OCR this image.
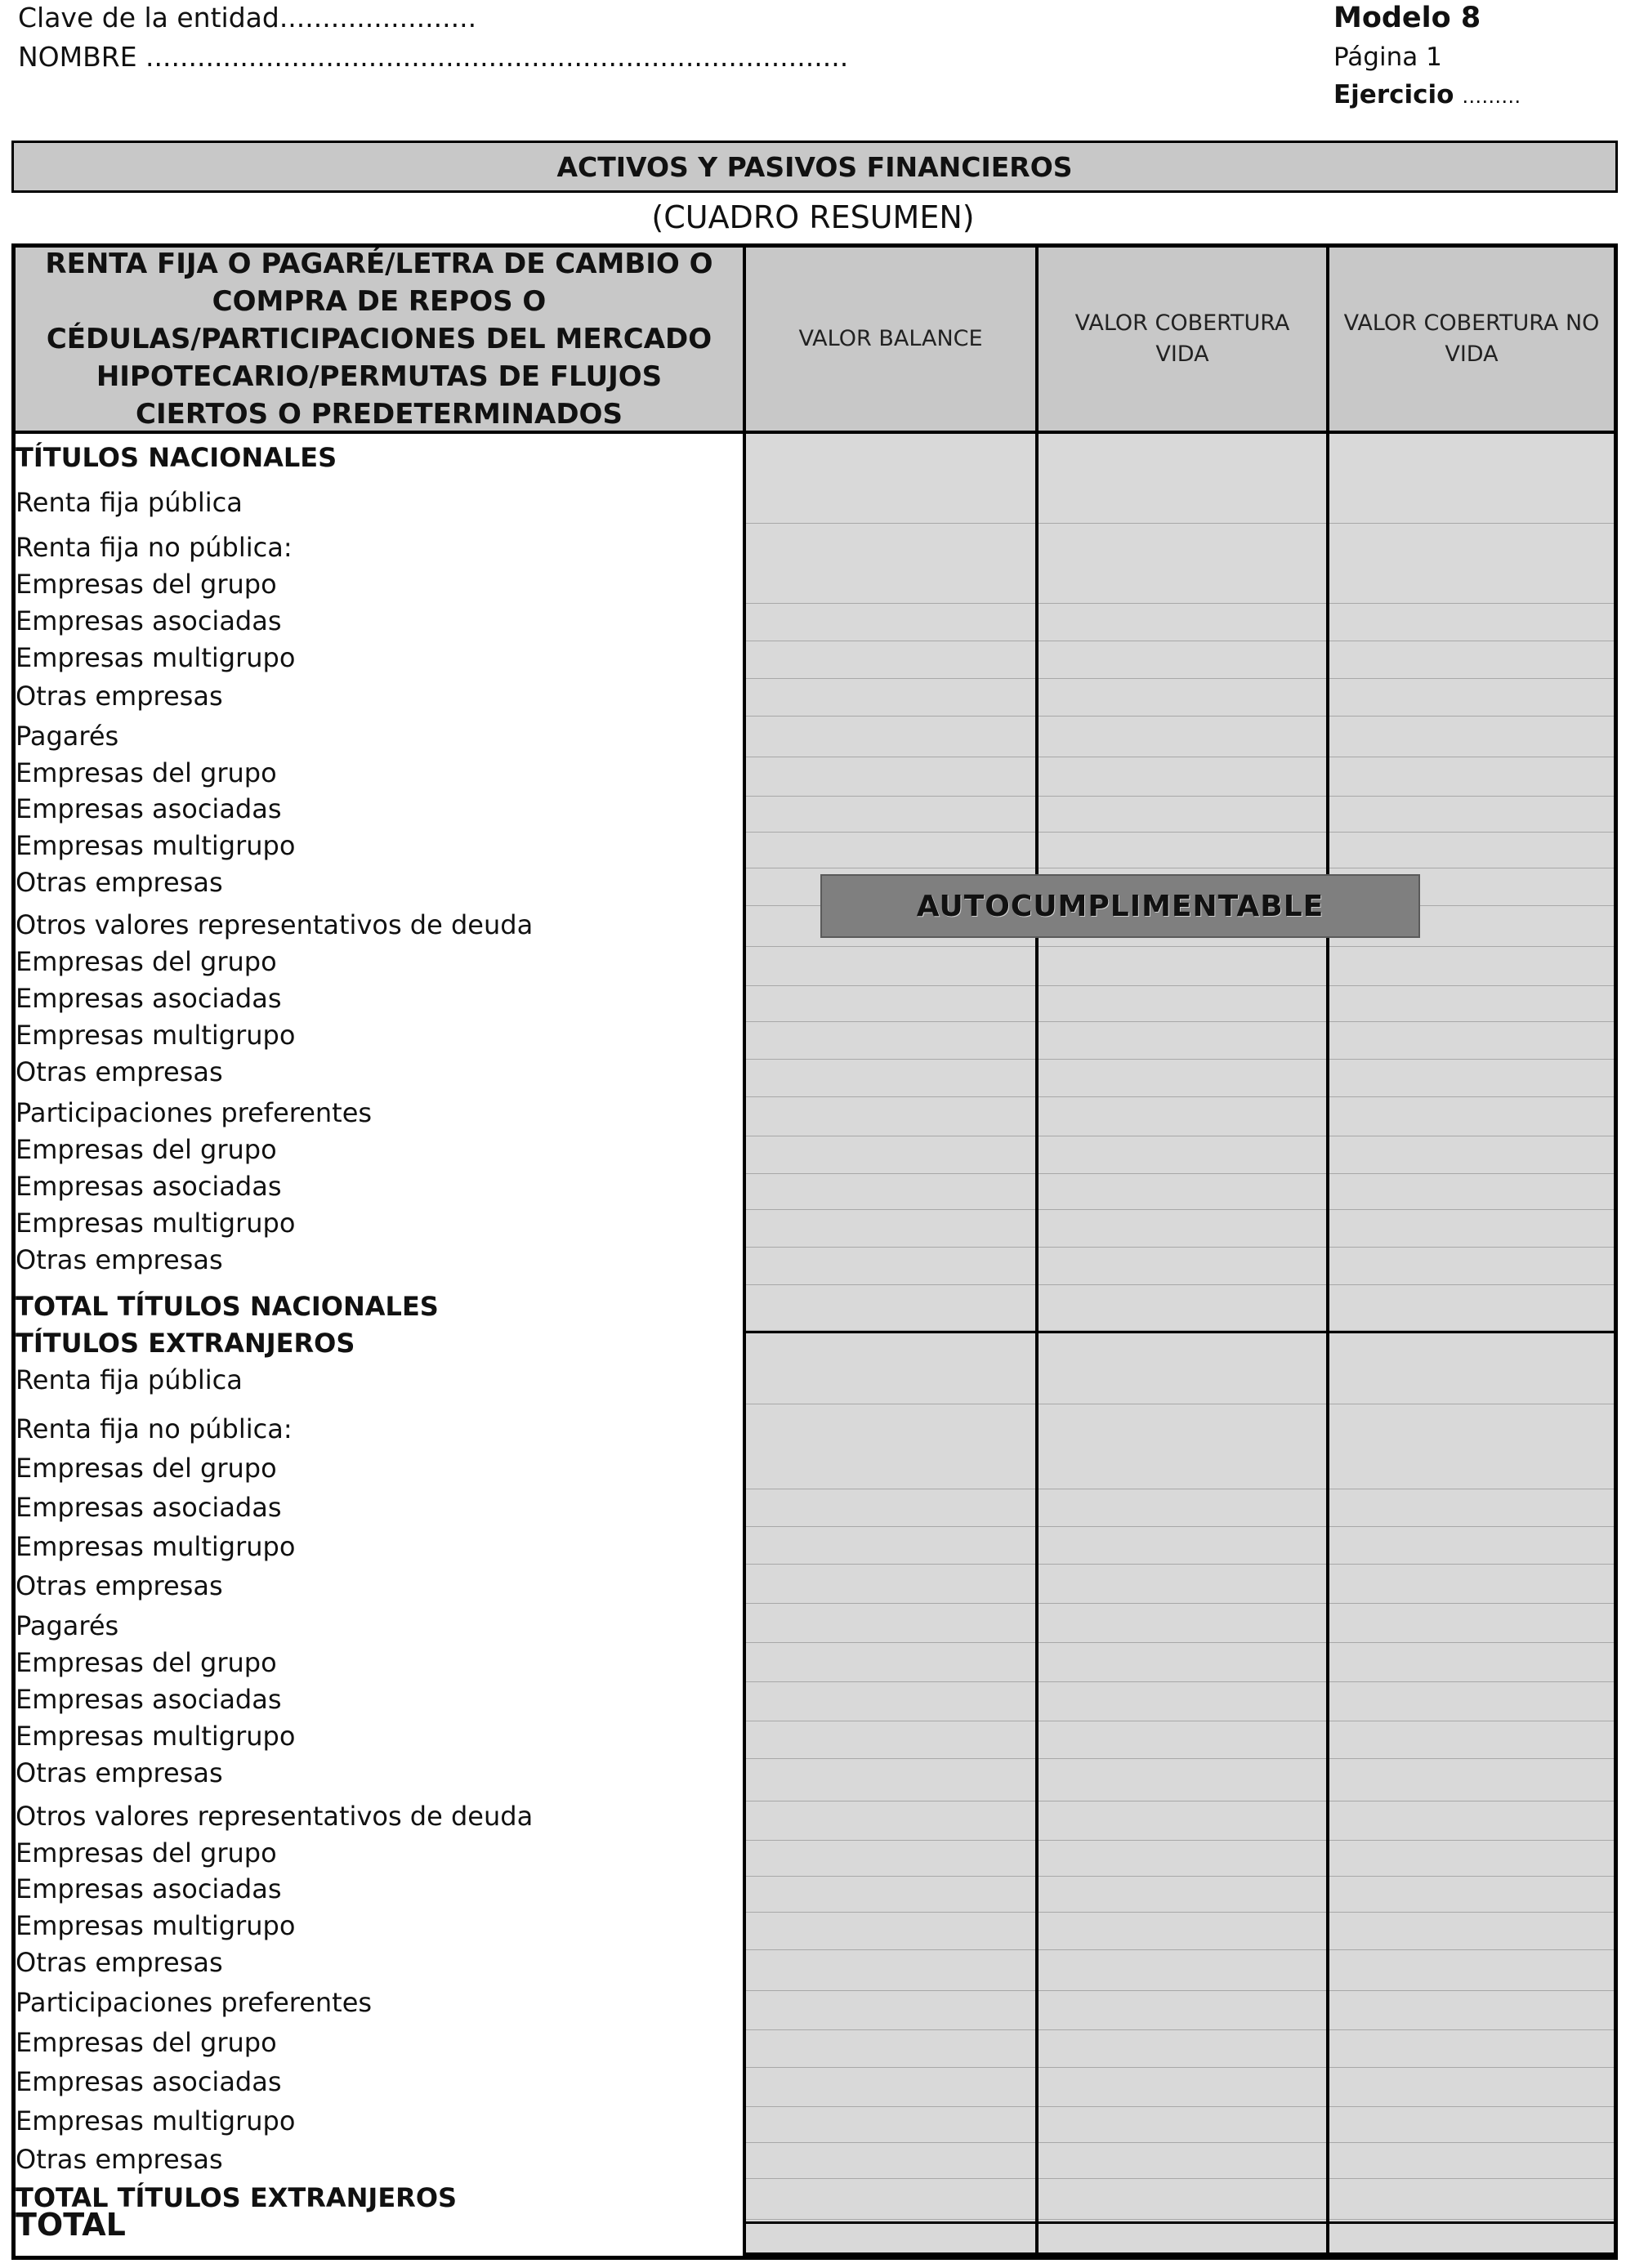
Clave de la entidad.......................
NOMBRE ..................................................................................
Modelo 8
Página 1
Ejercicio ………
ACTIVOS Y PASIVOS FINANCIEROS
(CUADRO RESUMEN)
RENTA FIJA O PAGARÉ/LETRA DE CAMBIO O
COMPRA DE REPOS O
CÉDULAS/PARTICIPACIONES DEL MERCADO
HIPOTECARIO/PERMUTAS DE FLUJOS
CIERTOS O PREDETERMINADOS
VALOR BALANCE
VALOR COBERTURA
VIDA
VALOR COBERTURA NO
VIDA
TÍTULOS NACIONALES
Renta fija pública
Renta fija no pública:
Empresas del grupo
Empresas asociadas
Empresas multigrupo
Otras empresas
Pagarés
Empresas del grupo
Empresas asociadas
Empresas multigrupo
Otras empresas
Otros valores representativos de deuda
Empresas del grupo
Empresas asociadas
Empresas multigrupo
Otras empresas
Participaciones preferentes
Empresas del grupo
Empresas asociadas
Empresas multigrupo
Otras empresas
TOTAL TÍTULOS NACIONALES
TÍTULOS EXTRANJEROS
Renta fija pública
Renta fija no pública:
Empresas del grupo
Empresas asociadas
Empresas multigrupo
Otras empresas
Pagarés
Empresas del grupo
Empresas asociadas
Empresas multigrupo
Otras empresas
Otros valores representativos de deuda
Empresas del grupo
Empresas asociadas
Empresas multigrupo
Otras empresas
Participaciones preferentes
Empresas del grupo
Empresas asociadas
Empresas multigrupo
Otras empresas
TOTAL TÍTULOS EXTRANJEROS
TOTAL
AUTOCUMPLIMENTABLE
